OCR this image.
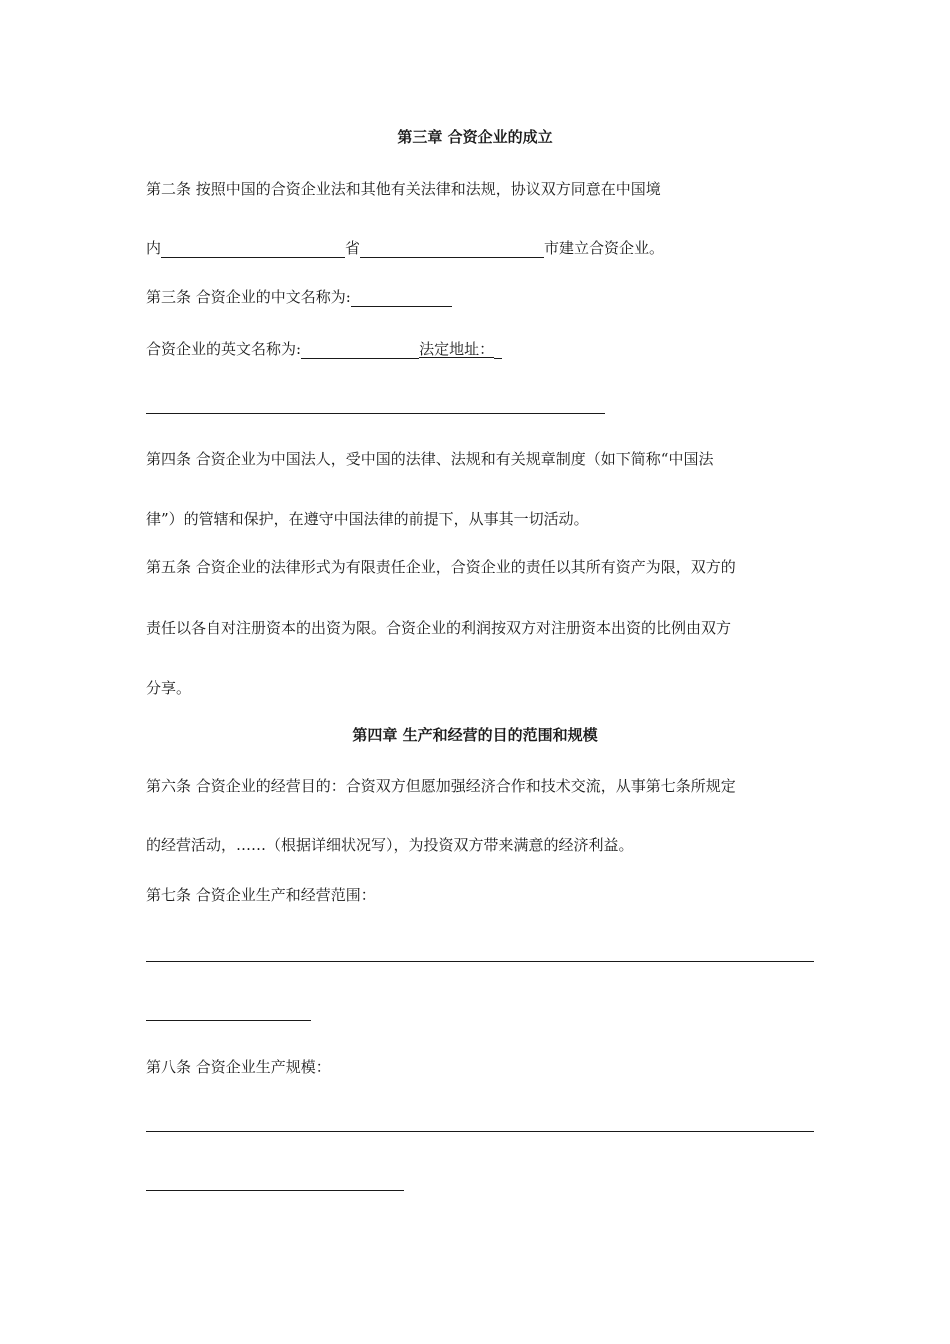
第三章 合资企业的成立
第二条 按照中国的合资企业法和其他有关法律和法规，协议双方同意在中国境
内	省	市建立合资企业。
第三条 合资企业的中文名称为:
合资企业的英文名称为:	法定地址：
第四条 合资企业为中国法人，受中国的法律、法规和有关规章制度（如下简称“中国法
律”）的管辖和保护，在遵守中国法律的前提下，从事其一切活动。
第五条 合资企业的法律形式为有限责任企业，合资企业的责任以其所有资产为限，双方的
责任以各自对注册资本的出资为限。合资企业的利润按双方对注册资本出资的比例由双方
分享。
第四章 生产和经营的目的范围和规模
第六条 合资企业的经营目的：合资双方但愿加强经济合作和技术交流，从事第七条所规定
的经营活动，……（根据详细状况写），为投资双方带来满意的经济利益。
第七条 合资企业生产和经营范围：
第八条 合资企业生产规模：
